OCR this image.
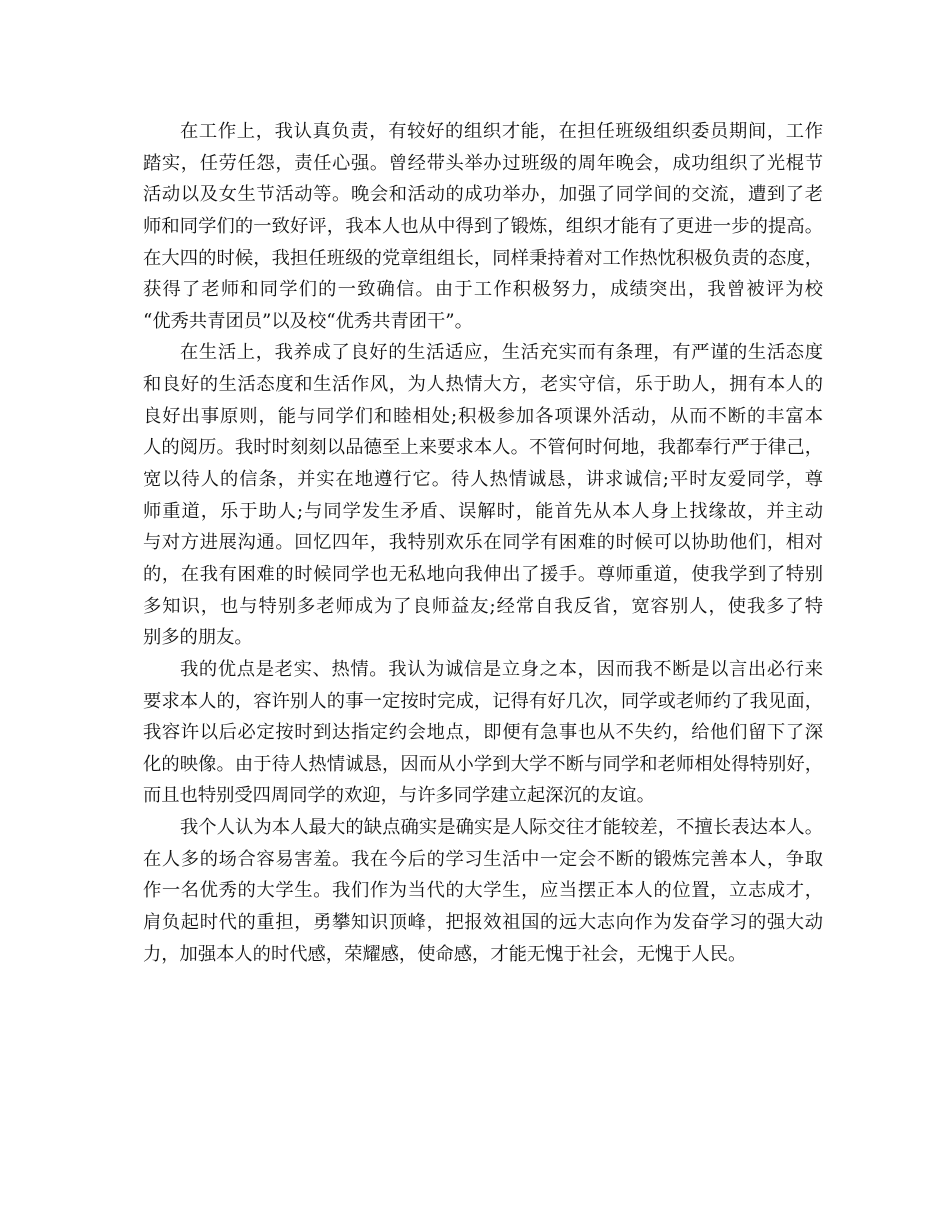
在工作上，我认真负责，有较好的组织才能，在担任班级组织委员期间，工作
踏实，任劳任怨，责任心强。曾经带头举办过班级的周年晚会，成功组织了光棍节
活动以及女生节活动等。晚会和活动的成功举办，加强了同学间的交流，遭到了老
师和同学们的一致好评，我本人也从中得到了锻炼，组织才能有了更进一步的提高。
在大四的时候，我担任班级的党章组组长，同样秉持着对工作热忱积极负责的态度，
获得了老师和同学们的一致确信。由于工作积极努力，成绩突出，我曾被评为校
“优秀共青团员”以及校“优秀共青团干”。
在生活上，我养成了良好的生活适应，生活充实而有条理，有严谨的生活态度
和良好的生活态度和生活作风，为人热情大方，老实守信，乐于助人，拥有本人的
良好出事原则，能与同学们和睦相处;积极参加各项课外活动，从而不断的丰富本
人的阅历。我时时刻刻以品德至上来要求本人。不管何时何地，我都奉行严于律己，
宽以待人的信条，并实在地遵行它。待人热情诚恳，讲求诚信;平时友爱同学，尊
师重道，乐于助人;与同学发生矛盾、误解时，能首先从本人身上找缘故，并主动
与对方进展沟通。回忆四年，我特别欢乐在同学有困难的时候可以协助他们，相对
的，在我有困难的时候同学也无私地向我伸出了援手。尊师重道，使我学到了特别
多知识，也与特别多老师成为了良师益友;经常自我反省，宽容别人，使我多了特
别多的朋友。
我的优点是老实、热情。我认为诚信是立身之本，因而我不断是以言出必行来
要求本人的，容许别人的事一定按时完成，记得有好几次，同学或老师约了我见面，
我容许以后必定按时到达指定约会地点，即便有急事也从不失约，给他们留下了深
化的映像。由于待人热情诚恳，因而从小学到大学不断与同学和老师相处得特别好，
而且也特别受四周同学的欢迎，与许多同学建立起深沉的友谊。
我个人认为本人最大的缺点确实是确实是人际交往才能较差，不擅长表达本人。
在人多的场合容易害羞。我在今后的学习生活中一定会不断的锻炼完善本人，争取
作一名优秀的大学生。我们作为当代的大学生，应当摆正本人的位置，立志成才，
肩负起时代的重担，勇攀知识顶峰，把报效祖国的远大志向作为发奋学习的强大动
力，加强本人的时代感，荣耀感，使命感，才能无愧于社会，无愧于人民。
